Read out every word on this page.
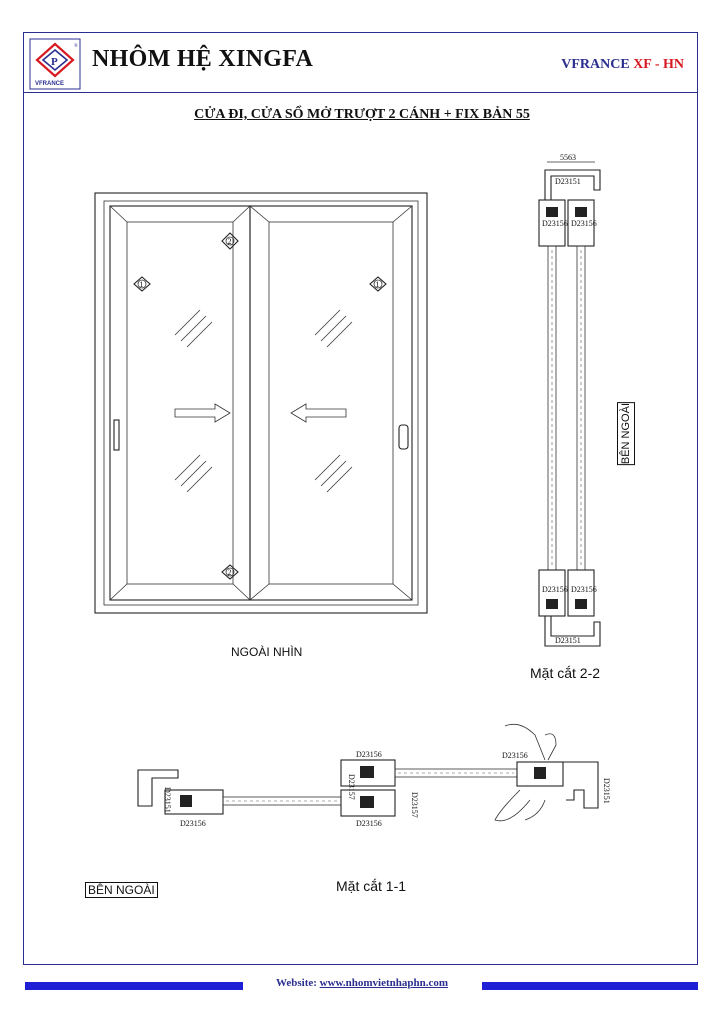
P
VFRANCE
® NHÔM HỆ XINGFA	VFRANCE XF - HN
CỬA ĐI, CỬA SỔ MỞ TRƯỢT 2 CÁNH + FIX BẢN 55
1
2
1
2
5563
D23151
D23156 D23156
D23156 D23156
D23151
D23151
D23156
D23156
D23157
D23157
D23156
D23156
D23151
NGOÀI NHÌN
Mặt cắt 2-2
BÊN NGOÀI
BÊN NGOÀI	Mặt cắt 1-1
Website: www.nhomvietnhaphn.com
